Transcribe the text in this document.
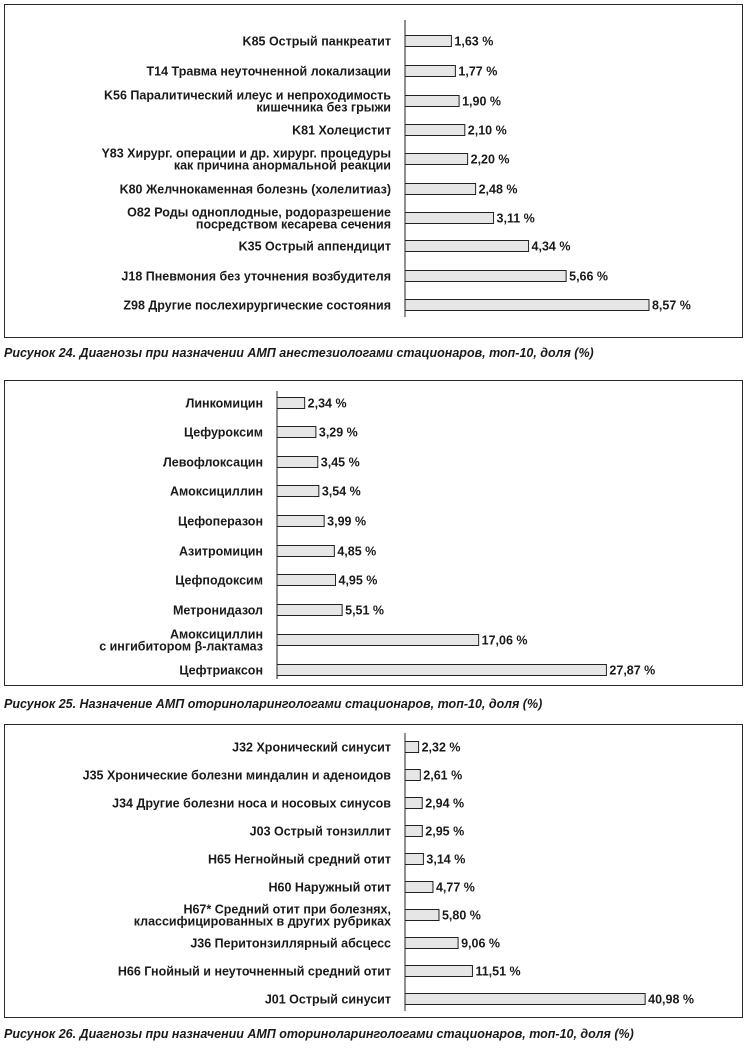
1,63 %
K85 Острый панкреатит
1,77 %
T14 Травма неуточненной локализации
1,90 %
K56 Паралитический илеус и непроходимость
кишечника без грыжи
2,10 %
K81 Холецистит
2,20 %
Y83 Хирург. операции и др. хирург. процедуры
как причина анормальной реакции
2,48 %
K80 Желчнокаменная болезнь (холелитиаз)
3,11 %
O82 Роды одноплодные, родоразрешение
посредством кесарева сечения
4,34 %
K35 Острый аппендицит
5,66 %
J18 Пневмония без уточнения возбудителя
8,57 %
Z98 Другие послехирургические состояния
Рисунок 24. Диагнозы при назначении АМП анестезиологами стационаров, топ-10, доля (%)
2,34 %
Линкомицин
3,29 %
Цефуроксим
3,45 %
Левофлоксацин
3,54 %
Амоксициллин
3,99 %
Цефоперазон
4,85 %
Азитромицин
4,95 %
Цефподоксим
5,51 %
Метронидазол
17,06 %
Амоксициллин
с ингибитором β-лактамаз
27,87 %
Цефтриаксон
Рисунок 25. Назначение АМП оториноларингологами стационаров, топ-10, доля (%)
2,32 %
J32 Хронический синусит
2,61 %
J35 Хронические болезни миндалин и аденоидов
2,94 %
J34 Другие болезни носа и носовых синусов
2,95 %
J03 Острый тонзиллит
3,14 %
H65 Негнойный средний отит
4,77 %
H60 Наружный отит
5,80 %
H67* Средний отит при болезнях,
классифицированных в других рубриках
9,06 %
J36 Перитонзиллярный абсцесс
11,51 %
H66 Гнойный и неуточненный средний отит
40,98 %
J01 Острый синусит
Рисунок 26. Диагнозы при назначении АМП оториноларингологами стационаров, топ-10, доля (%)
